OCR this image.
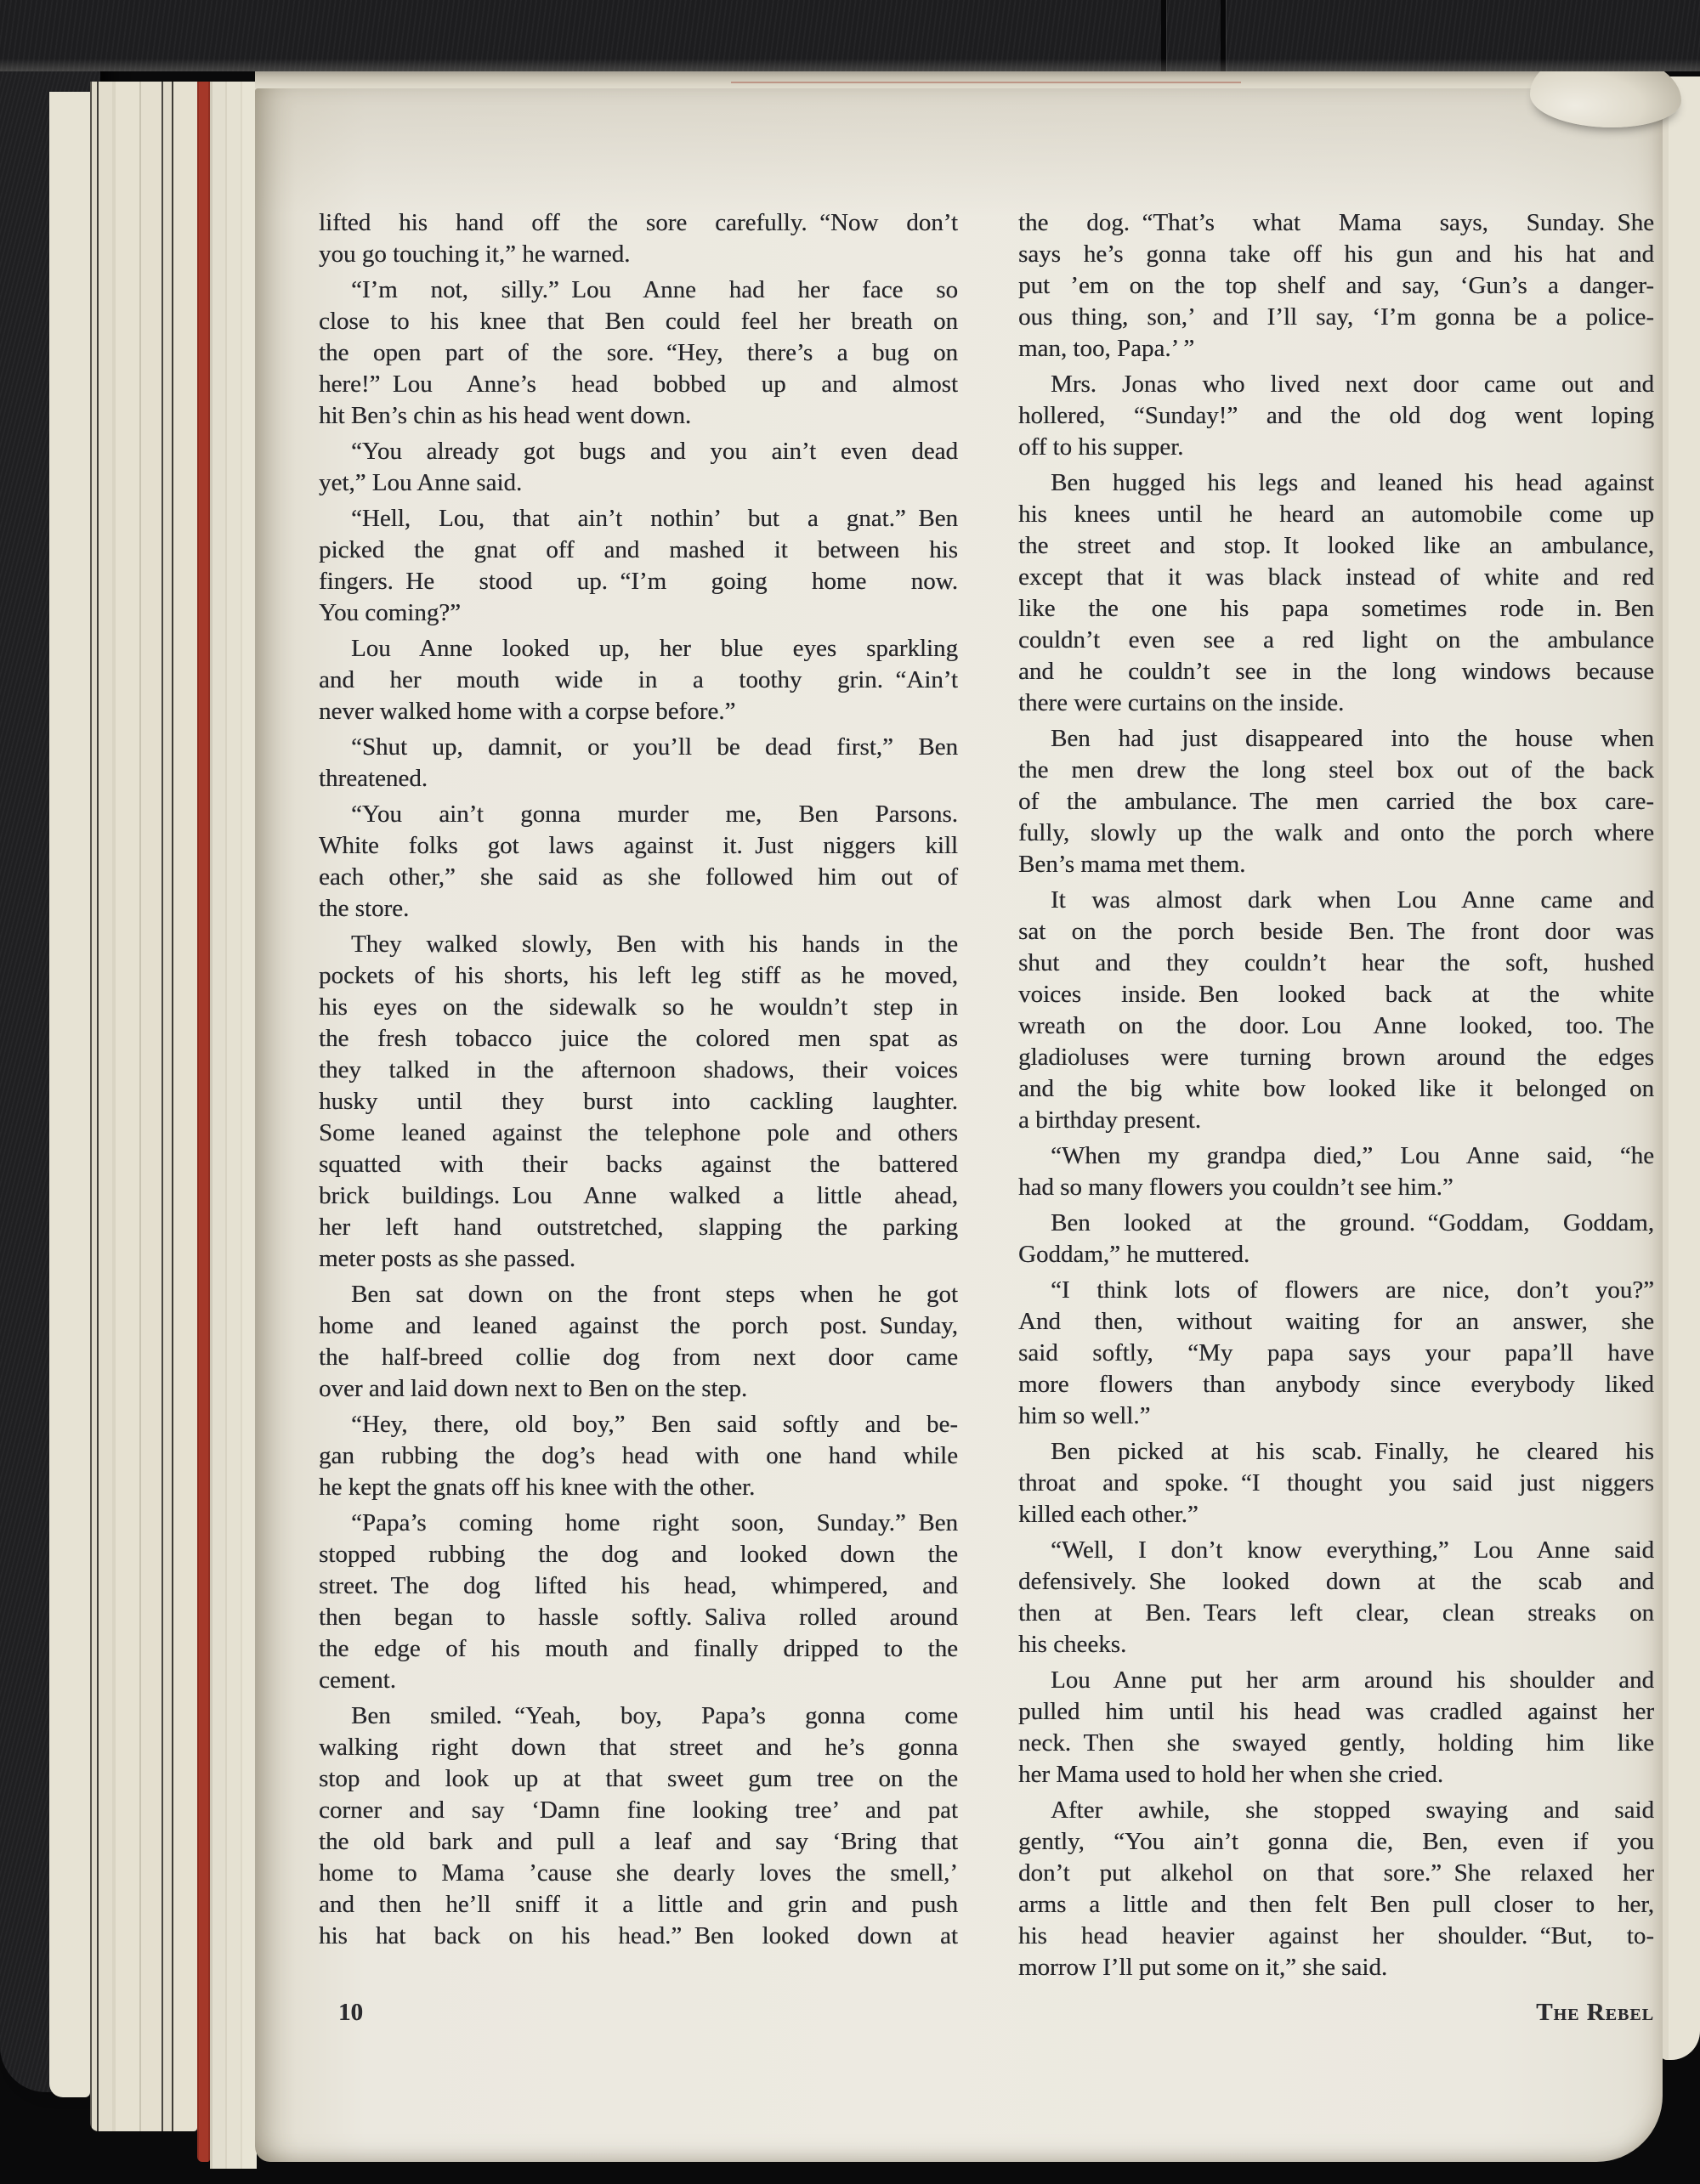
lifted his hand off the sore carefully. “Now don’t
you go touching it,” he warned.
“I’m not, silly.” Lou Anne had her face so
close to his knee that Ben could feel her breath on
the open part of the sore. “Hey, there’s a bug on
here!” Lou Anne’s head bobbed up and almost
hit Ben’s chin as his head went down.
“You already got bugs and you ain’t even dead
yet,” Lou Anne said.
“Hell, Lou, that ain’t nothin’ but a gnat.” Ben
picked the gnat off and mashed it between his
fingers. He stood up. “I’m going home now.
You coming?”
Lou Anne looked up, her blue eyes sparkling
and her mouth wide in a toothy grin. “Ain’t
never walked home with a corpse before.”
“Shut up, damnit, or you’ll be dead first,” Ben
threatened.
“You ain’t gonna murder me, Ben Parsons.
White folks got laws against it. Just niggers kill
each other,” she said as she followed him out of
the store.
They walked slowly, Ben with his hands in the
pockets of his shorts, his left leg stiff as he moved,
his eyes on the sidewalk so he wouldn’t step in
the fresh tobacco juice the colored men spat as
they talked in the afternoon shadows, their voices
husky until they burst into cackling laughter.
Some leaned against the telephone pole and others
squatted with their backs against the battered
brick buildings. Lou Anne walked a little ahead,
her left hand outstretched, slapping the parking
meter posts as she passed.
Ben sat down on the front steps when he got
home and leaned against the porch post. Sunday,
the half-breed collie dog from next door came
over and laid down next to Ben on the step.
“Hey, there, old boy,” Ben said softly and be-
gan rubbing the dog’s head with one hand while
he kept the gnats off his knee with the other.
“Papa’s coming home right soon, Sunday.” Ben
stopped rubbing the dog and looked down the
street. The dog lifted his head, whimpered, and
then began to hassle softly. Saliva rolled around
the edge of his mouth and finally dripped to the
cement.
Ben smiled. “Yeah, boy, Papa’s gonna come
walking right down that street and he’s gonna
stop and look up at that sweet gum tree on the
corner and say ‘Damn fine looking tree’ and pat
the old bark and pull a leaf and say ‘Bring that
home to Mama ’cause she dearly loves the smell,’
and then he’ll sniff it a little and grin and push
his hat back on his head.” Ben looked down at
the dog. “That’s what Mama says, Sunday. She
says he’s gonna take off his gun and his hat and
put ’em on the top shelf and say, ‘Gun’s a danger-
ous thing, son,’ and I’ll say, ‘I’m gonna be a police-
man, too, Papa.’ ”
Mrs. Jonas who lived next door came out and
hollered, “Sunday!” and the old dog went loping
off to his supper.
Ben hugged his legs and leaned his head against
his knees until he heard an automobile come up
the street and stop. It looked like an ambulance,
except that it was black instead of white and red
like the one his papa sometimes rode in. Ben
couldn’t even see a red light on the ambulance
and he couldn’t see in the long windows because
there were curtains on the inside.
Ben had just disappeared into the house when
the men drew the long steel box out of the back
of the ambulance. The men carried the box care-
fully, slowly up the walk and onto the porch where
Ben’s mama met them.
It was almost dark when Lou Anne came and
sat on the porch beside Ben. The front door was
shut and they couldn’t hear the soft, hushed
voices inside. Ben looked back at the white
wreath on the door. Lou Anne looked, too. The
gladioluses were turning brown around the edges
and the big white bow looked like it belonged on
a birthday present.
“When my grandpa died,” Lou Anne said, “he
had so many flowers you couldn’t see him.”
Ben looked at the ground. “Goddam, Goddam,
Goddam,” he muttered.
“I think lots of flowers are nice, don’t you?”
And then, without waiting for an answer, she
said softly, “My papa says your papa’ll have
more flowers than anybody since everybody liked
him so well.”
Ben picked at his scab. Finally, he cleared his
throat and spoke. “I thought you said just niggers
killed each other.”
“Well, I don’t know everything,” Lou Anne said
defensively. She looked down at the scab and
then at Ben. Tears left clear, clean streaks on
his cheeks.
Lou Anne put her arm around his shoulder and
pulled him until his head was cradled against her
neck. Then she swayed gently, holding him like
her Mama used to hold her when she cried.
After awhile, she stopped swaying and said
gently, “You ain’t gonna die, Ben, even if you
don’t put alkehol on that sore.” She relaxed her
arms a little and then felt Ben pull closer to her,
his head heavier against her shoulder. “But, to-
morrow I’ll put some on it,” she said.
10	The Rebel
